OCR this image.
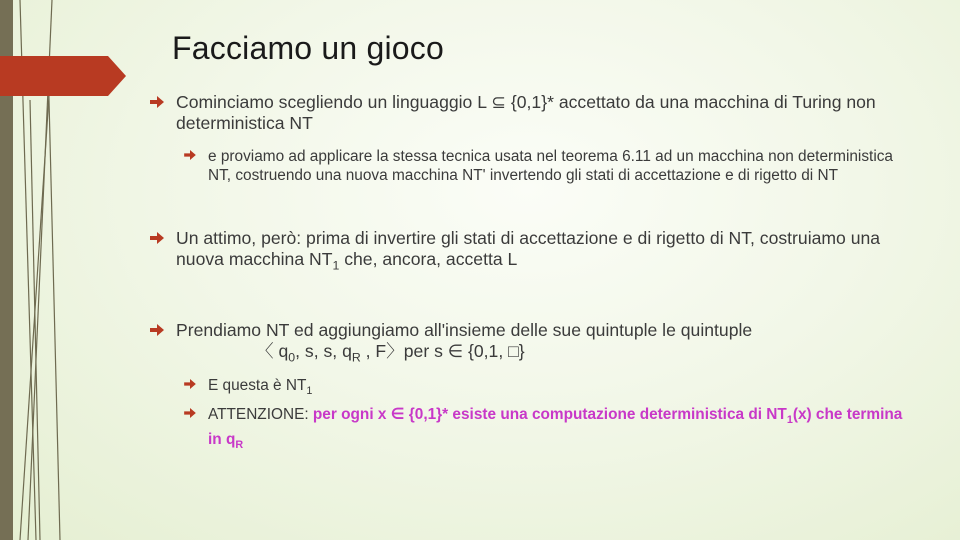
Facciamo un gioco
Cominciamo scegliendo un linguaggio L ⊆ {0,1}* accettato da una macchina di Turing non deterministica NT
e proviamo ad applicare la stessa tecnica usata nel teorema 6.11 ad un macchina non deterministica NT, costruendo una nuova macchina NT' invertendo gli stati di accettazione e di rigetto di NT
Un attimo, però: prima di invertire gli stati di accettazione e di rigetto di NT, costruiamo una nuova macchina $NT_1$ che, ancora, accetta L
Prendiamo NT ed aggiungiamo all'insieme delle sue quintuple le quintuple
〈 $q_0$, s, s, $q_R$ , F〉per s ∈ {0,1, □}
E questa è $NT_1$
ATTENZIONE: per ogni x ∈ {0,1}* esiste una computazione deterministica di $NT_1(x)$ che termina in $q_R$
